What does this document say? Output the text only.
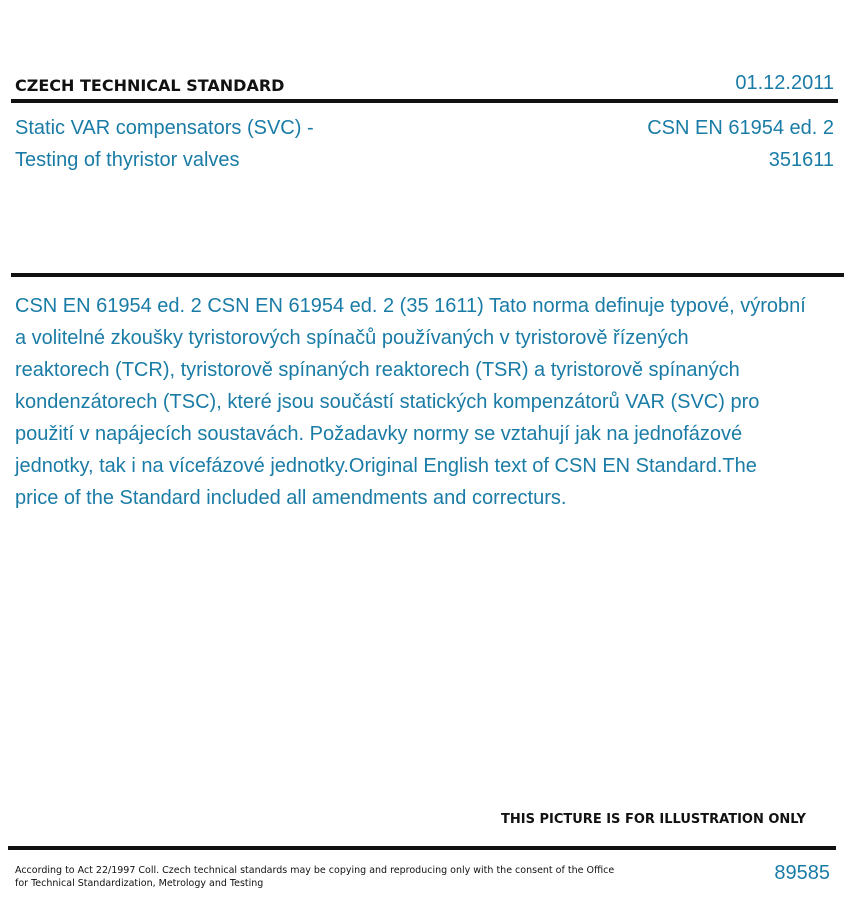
CZECH TECHNICAL STANDARD	01.12.2011
Static VAR compensators (SVC) -
Testing of thyristor valves
CSN EN 61954 ed. 2
351611
CSN EN 61954 ed. 2 CSN EN 61954 ed. 2 (35 1611) Tato norma definuje typové, výrobní
a volitelné zkoušky tyristorových spínačů používaných v tyristorově řízených
reaktorech (TCR), tyristorově spínaných reaktorech (TSR) a tyristorově spínaných
kondenzátorech (TSC), které jsou součástí statických kompenzátorů VAR (SVC) pro
použití v napájecích soustavách. Požadavky normy se vztahují jak na jednofázové
jednotky, tak i na vícefázové jednotky.Original English text of CSN EN Standard.The
price of the Standard included all amendments and correcturs.
THIS PICTURE IS FOR ILLUSTRATION ONLY
According to Act 22/1997 Coll. Czech technical standards may be copying and reproducing only with the consent of the Office
for Technical Standardization, Metrology and Testing	89585
